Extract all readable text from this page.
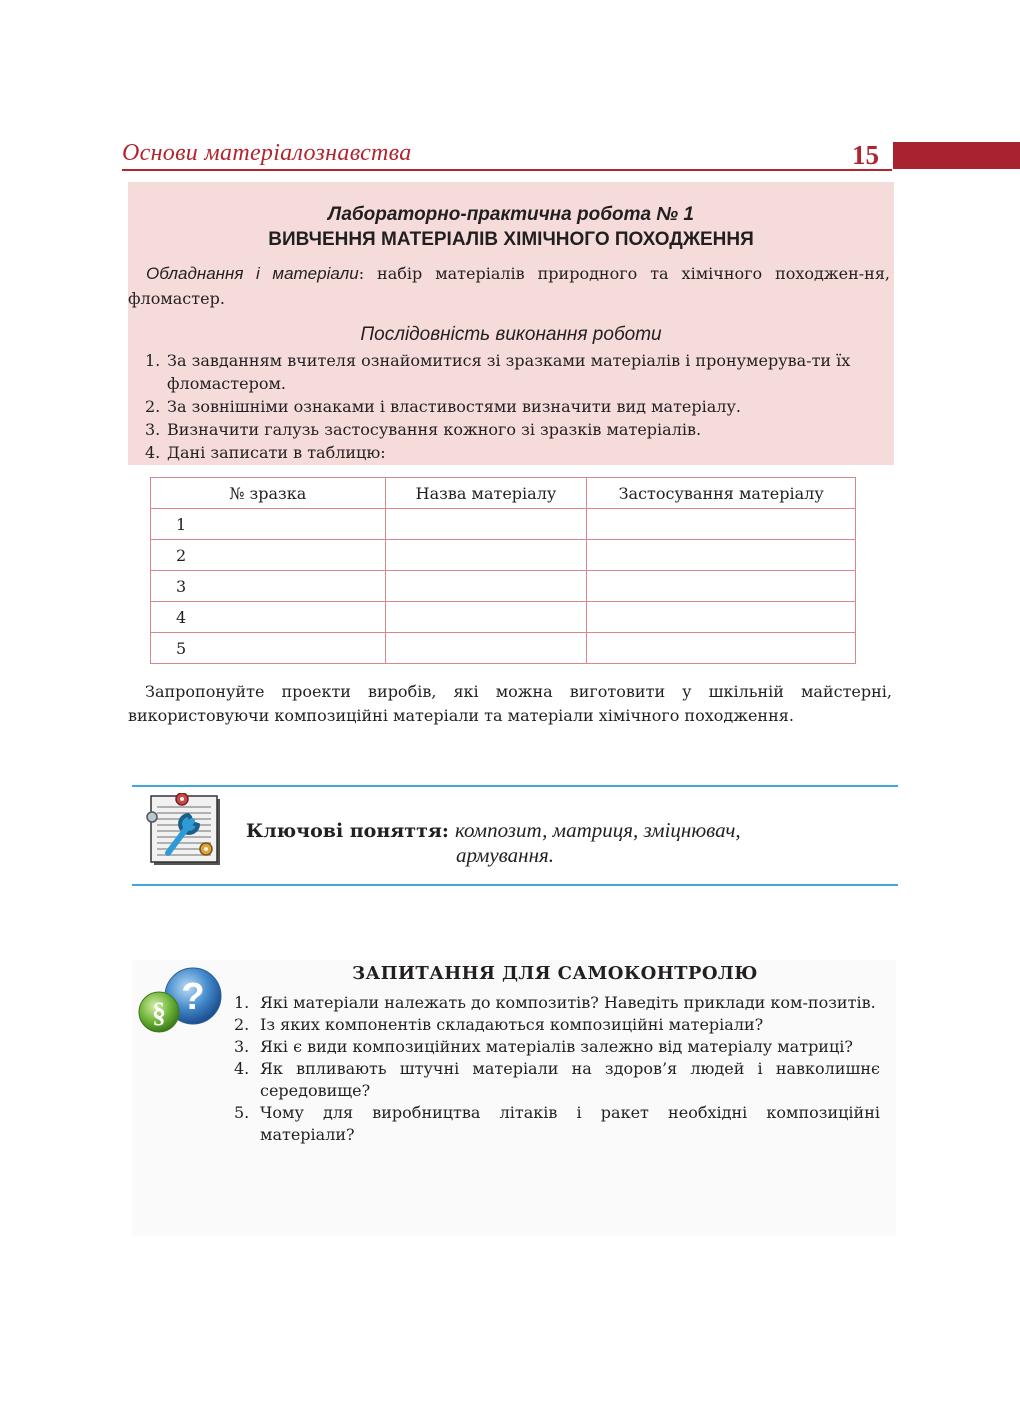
Основи матеріалознавства	15
Лабораторно-практична робота № 1
ВИВЧЕННЯ МАТЕРІАЛІВ ХІМІЧНОГО ПОХОДЖЕННЯ
Обладнання і матеріали: набір матеріалів природного та хімічного походжен-ня, фломастер.
Послідовність виконання роботи
1. За завданням вчителя ознайомитися зі зразками матеріалів і пронумерува-ти їх фломастером.
2. За зовнішніми ознаками і властивостями визначити вид матеріалу.
3. Визначити галузь застосування кожного зі зразків матеріалів.
4. Дані записати в таблицю:
№ зразка	Назва матеріалу	Застосування матеріалу
1		
2		
3		
4		
5		
Запропонуйте проекти виробів, які можна виготовити у шкільній майстерні, використовуючи композиційні матеріали та матеріали хімічного походження.
Ключові поняття: композит, матриця, зміцнювач,
армування.
?
§
ЗАПИТАННЯ ДЛЯ САМОКОНТРОЛЮ
1. Які матеріали належать до композитів? Наведіть приклади ком-позитів.
2. Із яких компонентів складаються композиційні матеріали?
3. Які є види композиційних матеріалів залежно від матеріалу матриці?
4. Як впливають штучні матеріали на здоров’я людей і навколишнє середовище?
5. Чому для виробництва літаків і ракет необхідні композиційні матеріали?
